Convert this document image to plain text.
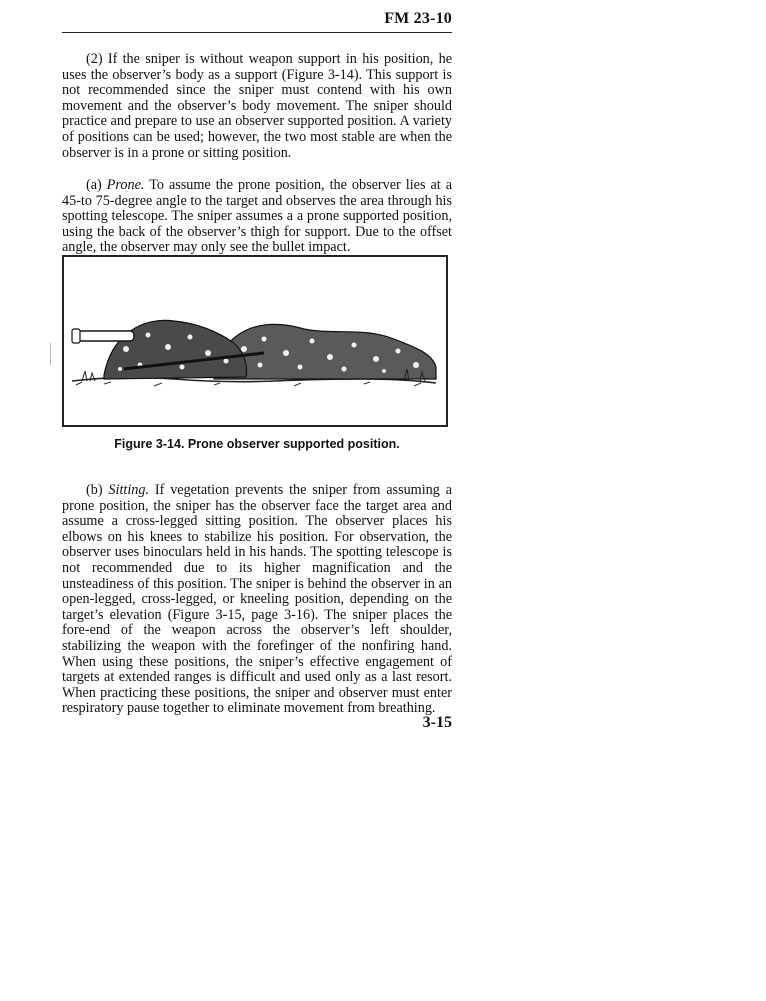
FM 23-10

(2) If the sniper is without weapon support in his position, he uses the observer’s body as a support (Figure 3-14). This support is not recommended since the sniper must contend with his own movement and the observer’s body movement. The sniper should practice and prepare to use an observer supported position. A variety of positions can be used; however, the two most stable are when the observer is in a prone or sitting position.

(a) Prone. To assume the prone position, the observer lies at a 45-to 75-degree angle to the target and observes the area through his spotting telescope. The sniper assumes a a prone supported position, using the back of the observer’s thigh for support. Due to the offset angle, the observer may only see the bullet impact.

Figure 3-14. Prone observer supported position.

(b) Sitting. If vegetation prevents the sniper from assuming a prone position, the sniper has the observer face the target area and assume a cross-legged sitting position. The observer places his elbows on his knees to stabilize his position. For observation, the observer uses binoculars held in his hands. The spotting telescope is not recommended due to its higher magnification and the unsteadiness of this position. The sniper is behind the observer in an open-legged, cross-legged, or kneeling position, depending on the target’s elevation (Figure 3-15, page 3-16). The sniper places the fore-end of the weapon across the observer’s left shoulder, stabilizing the weapon with the forefinger of the nonfiring hand. When using these positions, the sniper’s effective engagement of targets at extended ranges is difficult and used only as a last resort. When practicing these positions, the sniper and observer must enter respiratory pause together to eliminate movement from breathing.

3-15
